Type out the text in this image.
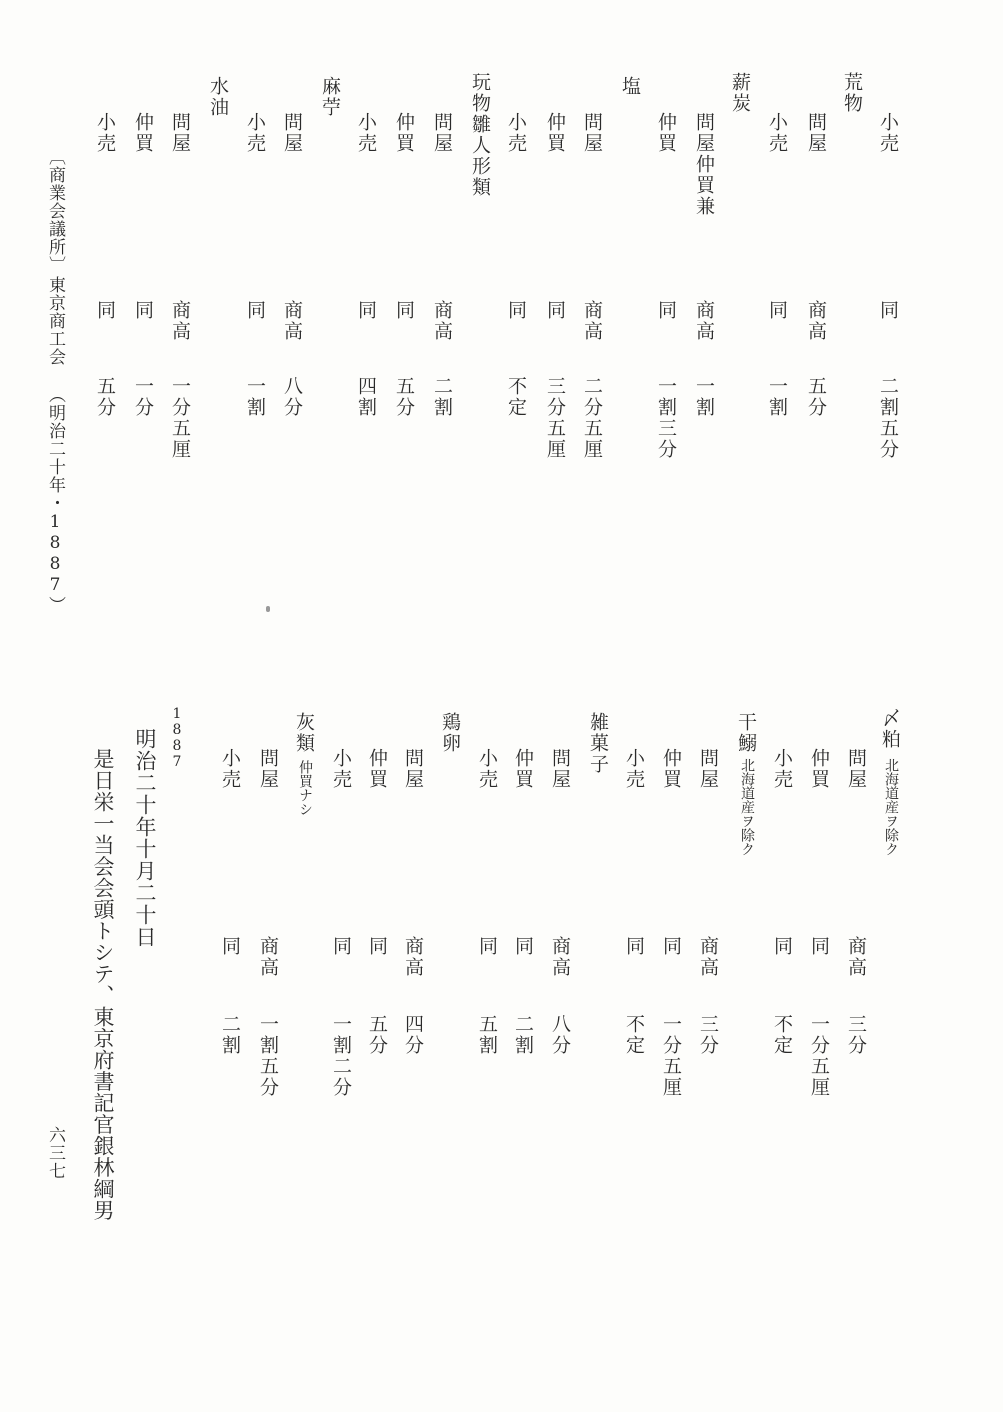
〔商業会議所〕
東京商工会
（明治二十年・1887）
六三七
小売
同
二割五分
荒物
問屋
商高
五分
小売
同
一割
薪炭
問屋仲買兼
商高
一割
仲買
同
一割三分
塩
問屋
商高
二分五厘
仲買
同
三分五厘
小売
同
不定
玩物雛人形類
問屋
商高
二割
仲買
同
五分
小売
同
四割
麻苧
問屋
商高
八分
小売
同
一割
水油
問屋
商高
一分五厘
仲買
同
一分
小売
同
五分
〆粕
北海道産ヲ除ク
問屋
商高
三分
仲買
同
一分五厘
小売
同
不定
干鰯
北海道産ヲ除ク
問屋
商高
三分
仲買
同
一分五厘
小売
同
不定
雑菓子
問屋
商高
八分
仲買
同
二割
小売
同
五割
鶏卵
問屋
商高
四分
仲買
同
五分
小売
同
一割二分
灰類
仲買ナシ
問屋
商高
一割五分
小売
同
二割
1887
明治二十年十月二十日
是日栄一当会会頭トシテ、東京府書記官銀林綱男
